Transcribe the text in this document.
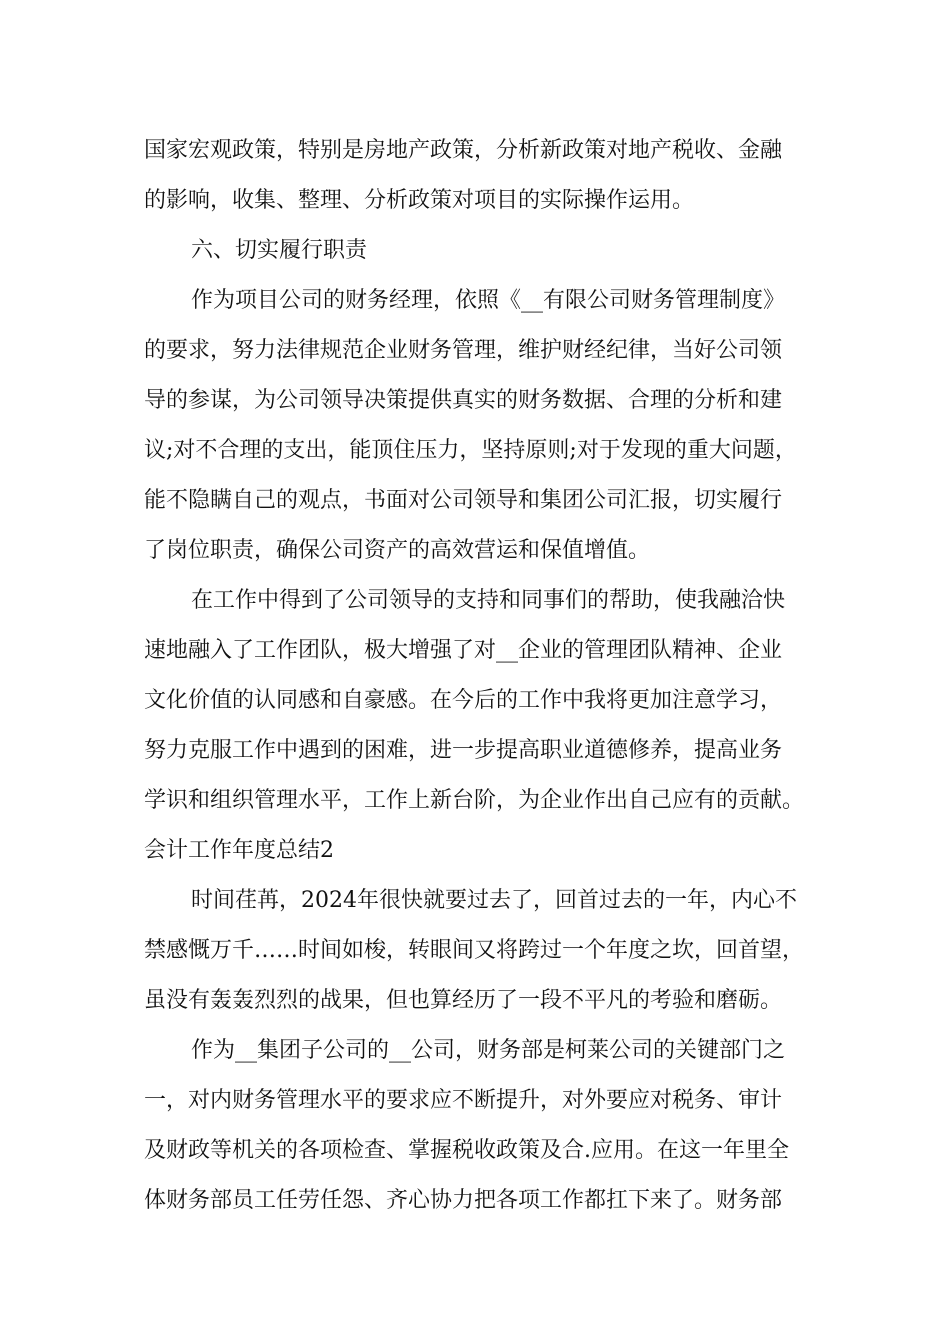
国家宏观政策，特别是房地产政策，分析新政策对地产税收、金融
的影响，收集、整理、分析政策对项目的实际操作运用。
六、切实履行职责
作为项目公司的财务经理，依照《__有限公司财务管理制度》
的要求，努力法律规范企业财务管理，维护财经纪律，当好公司领
导的参谋，为公司领导决策提供真实的财务数据、合理的分析和建
议;对不合理的支出，能顶住压力，坚持原则;对于发现的重大问题，
能不隐瞒自己的观点，书面对公司领导和集团公司汇报，切实履行
了岗位职责，确保公司资产的高效营运和保值增值。
在工作中得到了公司领导的支持和同事们的帮助，使我融洽快
速地融入了工作团队，极大增强了对__企业的管理团队精神、企业
文化价值的认同感和自豪感。在今后的工作中我将更加注意学习，
努力克服工作中遇到的困难，进一步提高职业道德修养，提高业务
学识和组织管理水平，工作上新台阶，为企业作出自己应有的贡献。
会计工作年度总结2
时间荏苒，2024年很快就要过去了，回首过去的一年，内心不
禁感慨万千……时间如梭，转眼间又将跨过一个年度之坎，回首望，
虽没有轰轰烈烈的战果，但也算经历了一段不平凡的考验和磨砺。
作为__集团子公司的__公司，财务部是柯莱公司的关键部门之
一，对内财务管理水平的要求应不断提升，对外要应对税务、审计
及财政等机关的各项检查、掌握税收政策及合.应用。在这一年里全
体财务部员工任劳任怨、齐心协力把各项工作都扛下来了。财务部
